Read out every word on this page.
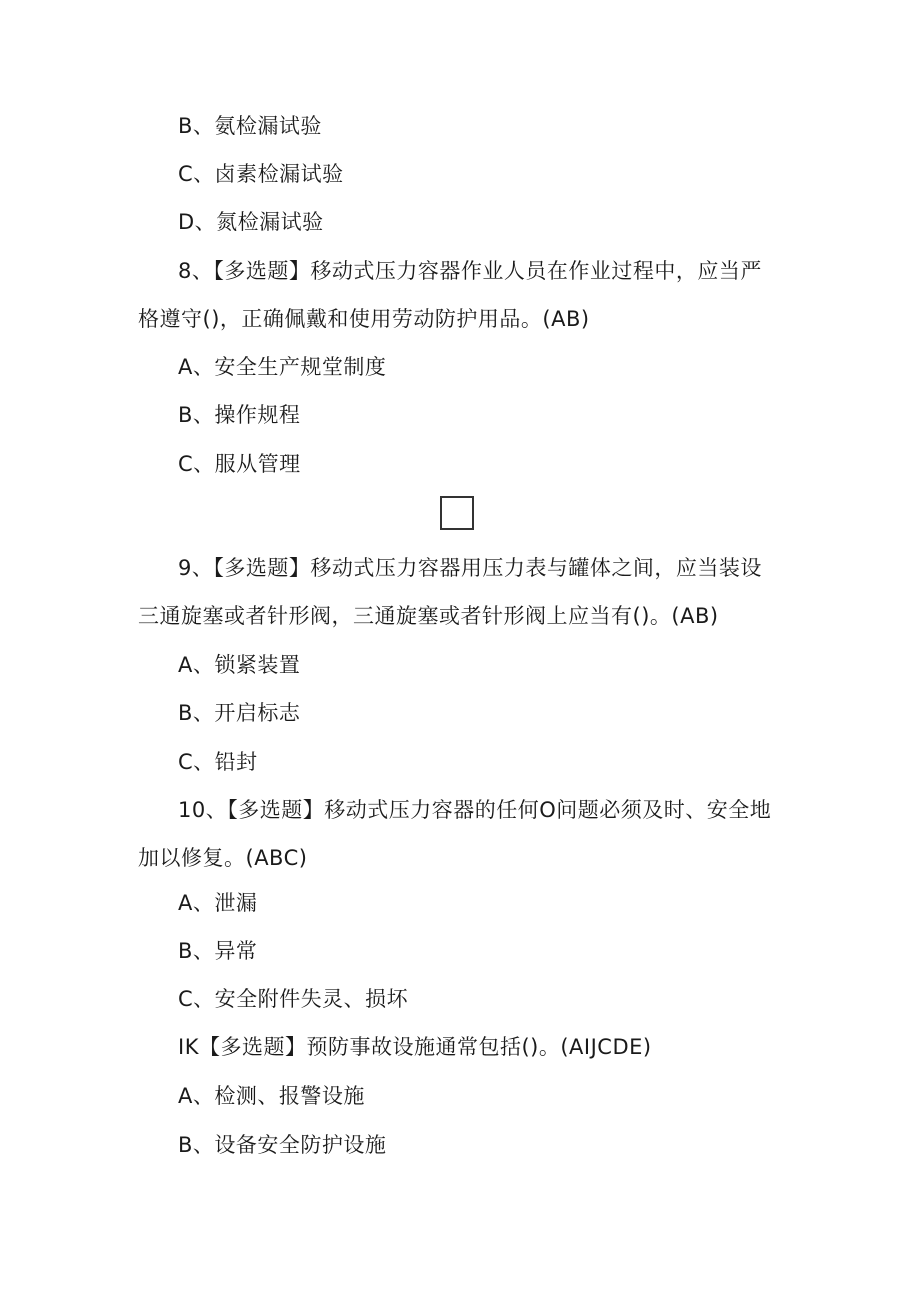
B、氨检漏试验
C、卤素检漏试验
D、氮检漏试验
8、【多选题】移动式压力容器作业人员在作业过程中，应当严
格遵守()，正确佩戴和使用劳动防护用品。(AB)
A、安全生产规堂制度
B、操作规程
C、服从管理
9、【多选题】移动式压力容器用压力表与罐体之间，应当装设
三通旋塞或者针形阀，三通旋塞或者针形阀上应当有()。(AB)
A、锁紧装置
B、开启标志
C、铅封
10、【多选题】移动式压力容器的任何O问题必须及时、安全地
加以修复。(ABC)
A、泄漏
B、异常
C、安全附件失灵、损坏
IK【多选题】预防事故设施通常包括()。(AIJCDE)
A、检测、报警设施
B、设备安全防护设施
